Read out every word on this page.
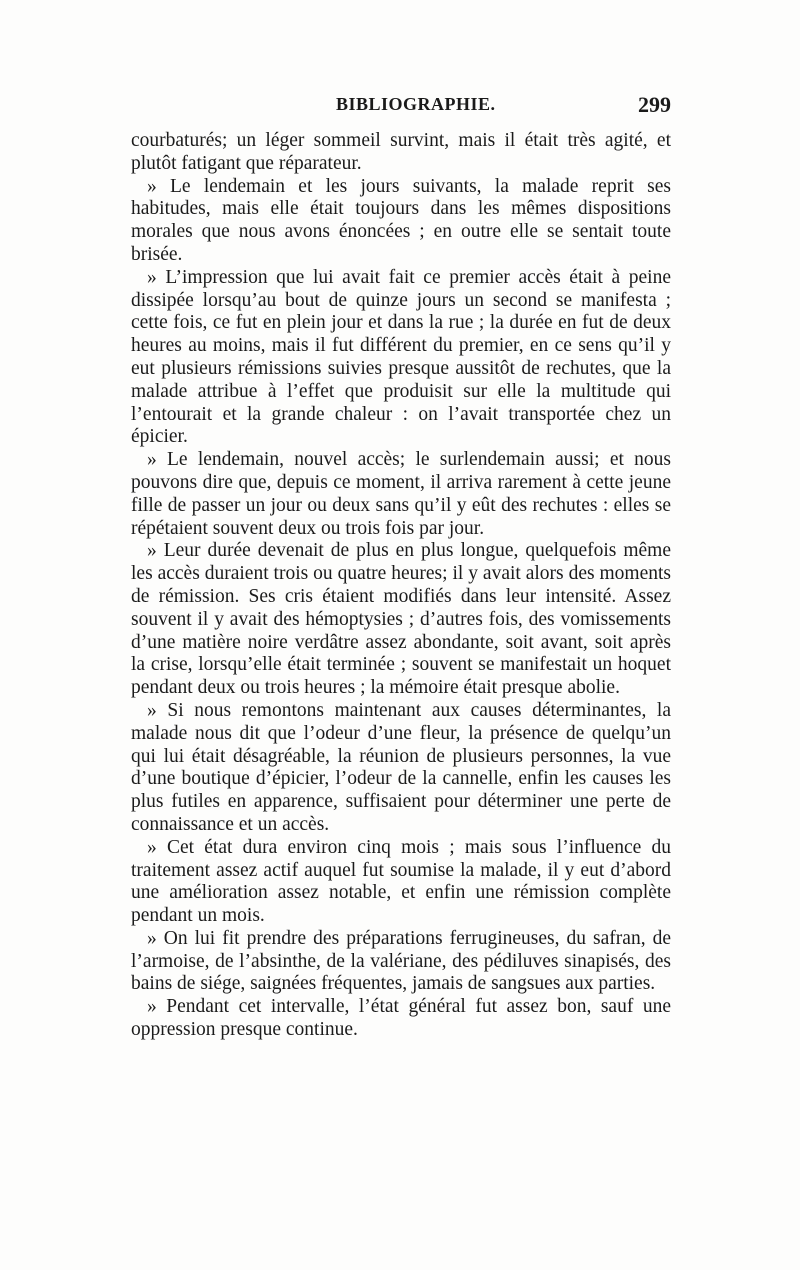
BIBLIOGRAPHIE.	299

courbaturés; un léger sommeil survint, mais il était très agité, et plutôt fatigant que réparateur.

» Le lendemain et les jours suivants, la malade reprit ses habitudes, mais elle était toujours dans les mêmes dispositions morales que nous avons énoncées ; en outre elle se sentait toute brisée.

» L’impression que lui avait fait ce premier accès était à peine dissipée lorsqu’au bout de quinze jours un second se manifesta ; cette fois, ce fut en plein jour et dans la rue ; la durée en fut de deux heures au moins, mais il fut différent du premier, en ce sens qu’il y eut plusieurs rémissions suivies presque aussitôt de rechutes, que la malade attribue à l’effet que produisit sur elle la multitude qui l’entourait et la grande chaleur : on l’avait transportée chez un épicier.

» Le lendemain, nouvel accès; le surlendemain aussi; et nous pouvons dire que, depuis ce moment, il arriva rarement à cette jeune fille de passer un jour ou deux sans qu’il y eût des rechutes : elles se répétaient souvent deux ou trois fois par jour.

» Leur durée devenait de plus en plus longue, quelquefois même les accès duraient trois ou quatre heures; il y avait alors des moments de rémission. Ses cris étaient modifiés dans leur intensité. Assez souvent il y avait des hémoptysies ; d’autres fois, des vomissements d’une matière noire verdâtre assez abondante, soit avant, soit après la crise, lorsqu’elle était terminée ; souvent se manifestait un hoquet pendant deux ou trois heures ; la mémoire était presque abolie.

» Si nous remontons maintenant aux causes déterminantes, la malade nous dit que l’odeur d’une fleur, la présence de quelqu’un qui lui était désagréable, la réunion de plusieurs personnes, la vue d’une boutique d’épicier, l’odeur de la cannelle, enfin les causes les plus futiles en apparence, suffisaient pour déterminer une perte de connaissance et un accès.

» Cet état dura environ cinq mois ; mais sous l’influence du traitement assez actif auquel fut soumise la malade, il y eut d’abord une amélioration assez notable, et enfin une rémission complète pendant un mois.

» On lui fit prendre des préparations ferrugineuses, du safran, de l’armoise, de l’absinthe, de la valériane, des pédiluves sinapisés, des bains de siége, saignées fréquentes, jamais de sangsues aux parties.

» Pendant cet intervalle, l’état général fut assez bon, sauf une oppression presque continue.
